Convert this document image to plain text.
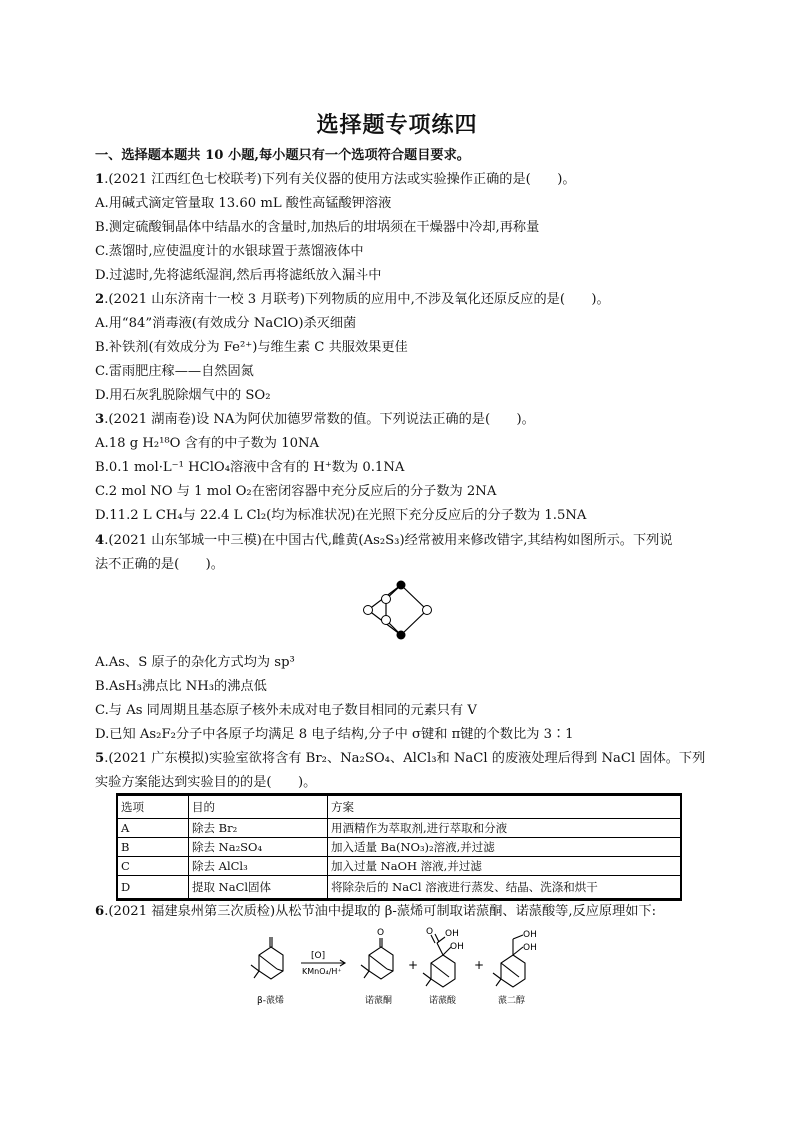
选择题专项练四
一、选择题本题共 10 小题,每小题只有一个选项符合题目要求。
1.(2021 江西红色七校联考)下列有关仪器的使用方法或实验操作正确的是(　　)。
A.用碱式滴定管量取 13.60 mL 酸性高锰酸钾溶液
B.测定硫酸铜晶体中结晶水的含量时,加热后的坩埚须在干燥器中冷却,再称量
C.蒸馏时,应使温度计的水银球置于蒸馏液体中
D.过滤时,先将滤纸湿润,然后再将滤纸放入漏斗中
2.(2021 山东济南十一校 3 月联考)下列物质的应用中,不涉及氧化还原反应的是(　　)。
A.用“84”消毒液(有效成分 NaClO)杀灭细菌
B.补铁剂(有效成分为 Fe²⁺)与维生素 C 共服效果更佳
C.雷雨肥庄稼——自然固氮
D.用石灰乳脱除烟气中的 SO₂
3.(2021 湖南卷)设 NA为阿伏加德罗常数的值。下列说法正确的是(　　)。
A.18 g H₂¹⁸O 含有的中子数为 10NA
B.0.1 mol·L⁻¹ HClO₄溶液中含有的 H⁺数为 0.1NA
C.2 mol NO 与 1 mol O₂在密闭容器中充分反应后的分子数为 2NA
D.11.2 L CH₄与 22.4 L Cl₂(均为标准状况)在光照下充分反应后的分子数为 1.5NA
4.(2021 山东邹城一中三模)在中国古代,雌黄(As₂S₃)经常被用来修改错字,其结构如图所示。下列说
法不正确的是(　　)。
A.As、S 原子的杂化方式均为 sp³
B.AsH₃沸点比 NH₃的沸点低
C.与 As 同周期且基态原子核外未成对电子数目相同的元素只有 V
D.已知 As₂F₂分子中各原子均满足 8 电子结构,分子中 σ键和 π键的个数比为 3∶1
5.(2021 广东模拟)实验室欲将含有 Br₂、Na₂SO₄、AlCl₃和 NaCl 的废液处理后得到 NaCl 固体。下列
实验方案能达到实验目的的是(　　)。
选项	目的	方案
A	除去 Br₂	用酒精作为萃取剂,进行萃取和分液
B	除去 Na₂SO₄	加入适量 Ba(NO₃)₂溶液,并过滤
C	除去 AlCl₃	加入过量 NaOH 溶液,并过滤
D	提取 NaCl固体	将除杂后的 NaCl 溶液进行蒸发、结晶、洗涤和烘干
6.(2021 福建泉州第三次质检)从松节油中提取的 β-蒎烯可制取诺蒎酮、诺蒎酸等,反应原理如下:
[O]
KMnO₄/H⁺
O
+
O OH
OH
+
OH
OH
β-蒎烯	诺蒎酮	诺蒎酸	蒎二醇
